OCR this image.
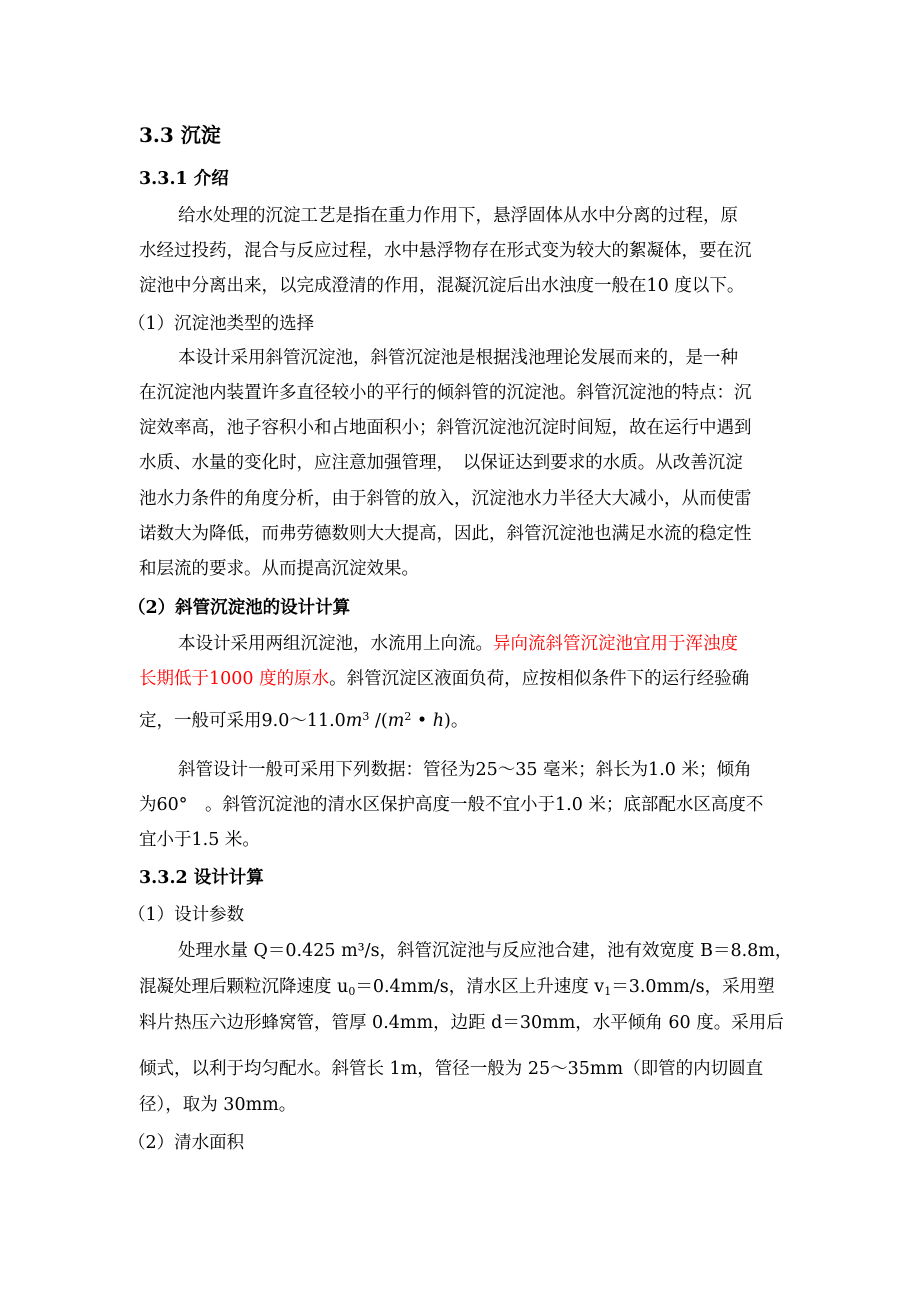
3.3 沉淀
3.3.1 介绍
给水处理的沉淀工艺是指在重力作用下，悬浮固体从水中分离的过程，原
水经过投药，混合与反应过程，水中悬浮物存在形式变为较大的絮凝体，要在沉
淀池中分离出来，以完成澄清的作用，混凝沉淀后出水浊度一般在10 度以下。
（1）沉淀池类型的选择
本设计采用斜管沉淀池，斜管沉淀池是根据浅池理论发展而来的，是一种
在沉淀池内装置许多直径较小的平行的倾斜管的沉淀池。斜管沉淀池的特点：沉
淀效率高，池子容积小和占地面积小；斜管沉淀池沉淀时间短，故在运行中遇到
水质、水量的变化时，应注意加强管理，　以保证达到要求的水质。从改善沉淀
池水力条件的角度分析，由于斜管的放入，沉淀池水力半径大大减小，从而使雷
诺数大为降低，而弗劳德数则大大提高，因此，斜管沉淀池也满足水流的稳定性
和层流的要求。从而提高沉淀效果。
（2）斜管沉淀池的设计计算
本设计采用两组沉淀池，水流用上向流。异向流斜管沉淀池宜用于浑浊度
长期低于1000 度的原水。斜管沉淀区液面负荷，应按相似条件下的运行经验确
定，一般可采用$9.0\sim 11.0m^3$ $/(m^2$ • h)。
斜管设计一般可采用下列数据：管径为25～35 毫米；斜长为1.0 米；倾角
为60°　。斜管沉淀池的清水区保护高度一般不宜小于1.0 米；底部配水区高度不
宜小于1.5 米。
3.3.2 设计计算
（1）设计参数
处理水量 Q＝0.425 m³/s，斜管沉淀池与反应池合建，池有效宽度 B＝8.8m，
混凝处理后颗粒沉降速度 $u_0=0.4mm/s$，清水区上升速度 $v_1=3.0mm/s$，采用塑
料片热压六边形蜂窝管，管厚 0.4mm，边距 d＝30mm，水平倾角 60 度。采用后
倾式，以利于均匀配水。斜管长 1m，管径一般为 25～35mm（即管的内切圆直
径），取为 30mm。
（2）清水面积
